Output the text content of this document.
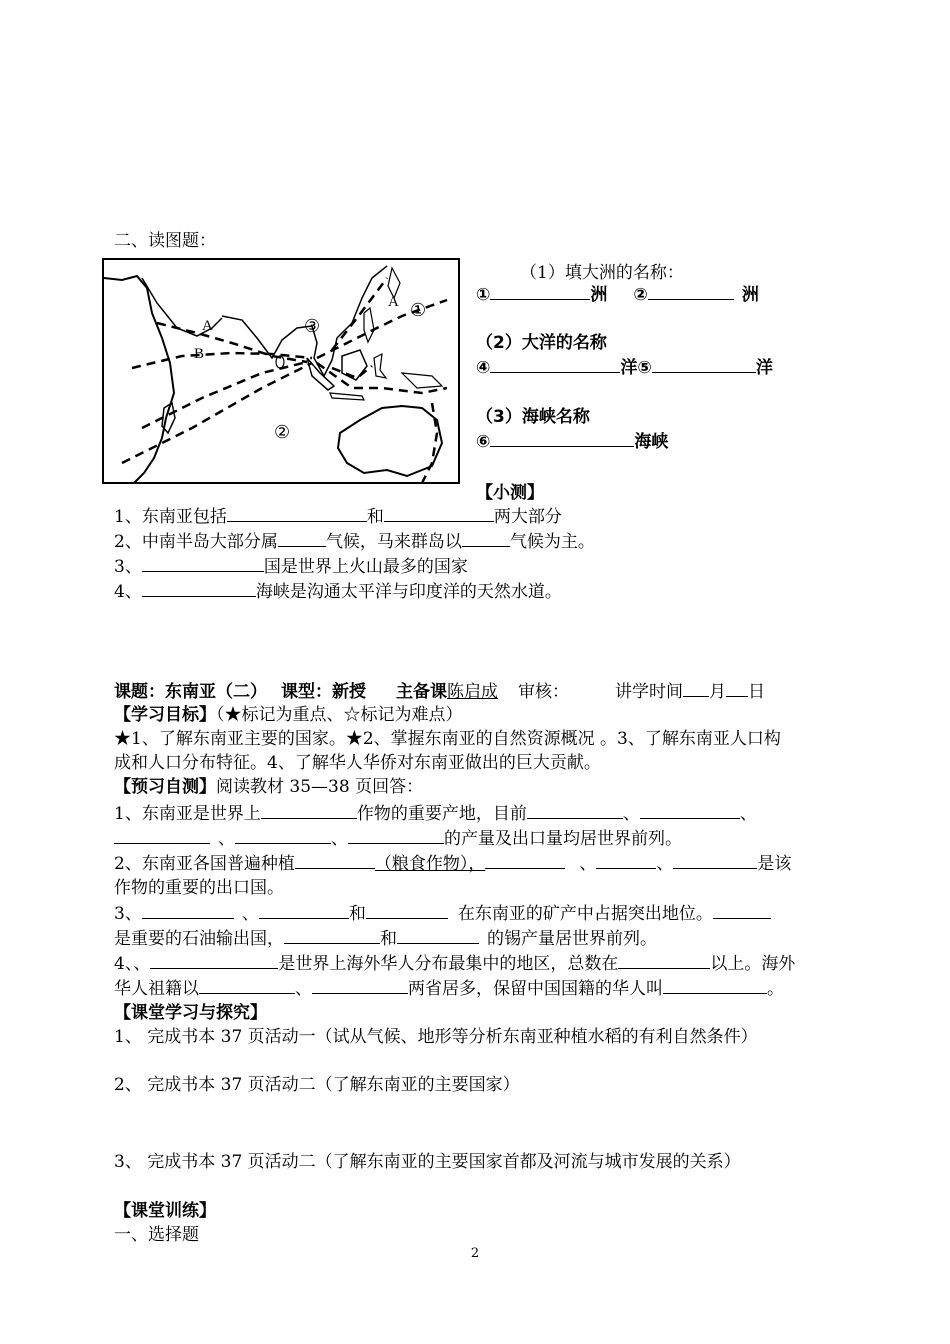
二、读图题：
A
B
A ①
②
③
（1）填大洲的名称：
①	洲 ②	洲
（2）大洋的名称
④	洋⑤	洋
（3）海峡名称
⑥	海峡
【小测】
1、东南亚包括	和	两大部分
2、中南半岛大部分属	气候，马来群岛以	气候为主。
3、	国是世界上火山最多的国家
4、	海峡是沟通太平洋与印度洋的天然水道。
课题：东南亚（二） 课型：新授 主备课陈启成 审核：	讲学时间 月 日
【学习目标】（★标记为重点、☆标记为难点）
★1、了解东南亚主要的国家。★2、掌握东南亚的自然资源概况 。3、了解东南亚人口构
成和人口分布特征。4、了解华人华侨对东南亚做出的巨大贡献。
【预习自测】阅读教材 35—38 页回答：
1、东南亚是世界上	作物的重要产地，目前	、	、
、	、	的产量及出口量均居世界前列。
2、东南亚各国普遍种植	（粮食作物），	、	、	是该
作物的重要的出口国。
3、	、	和	在东南亚的矿产中占据突出地位。
是重要的石油输出国，	和	的锡产量居世界前列。
4、、	是世界上海外华人分布最集中的地区，总数在	以上。海外
华人祖籍以	、	两省居多，保留中国国籍的华人叫	。
【课堂学习与探究】
1、 完成书本 37 页活动一（试从气候、地形等分析东南亚种植水稻的有利自然条件）
2、 完成书本 37 页活动二（了解东南亚的主要国家）
3、 完成书本 37 页活动二（了解东南亚的主要国家首都及河流与城市发展的关系）
【课堂训练】
一、选择题
2
